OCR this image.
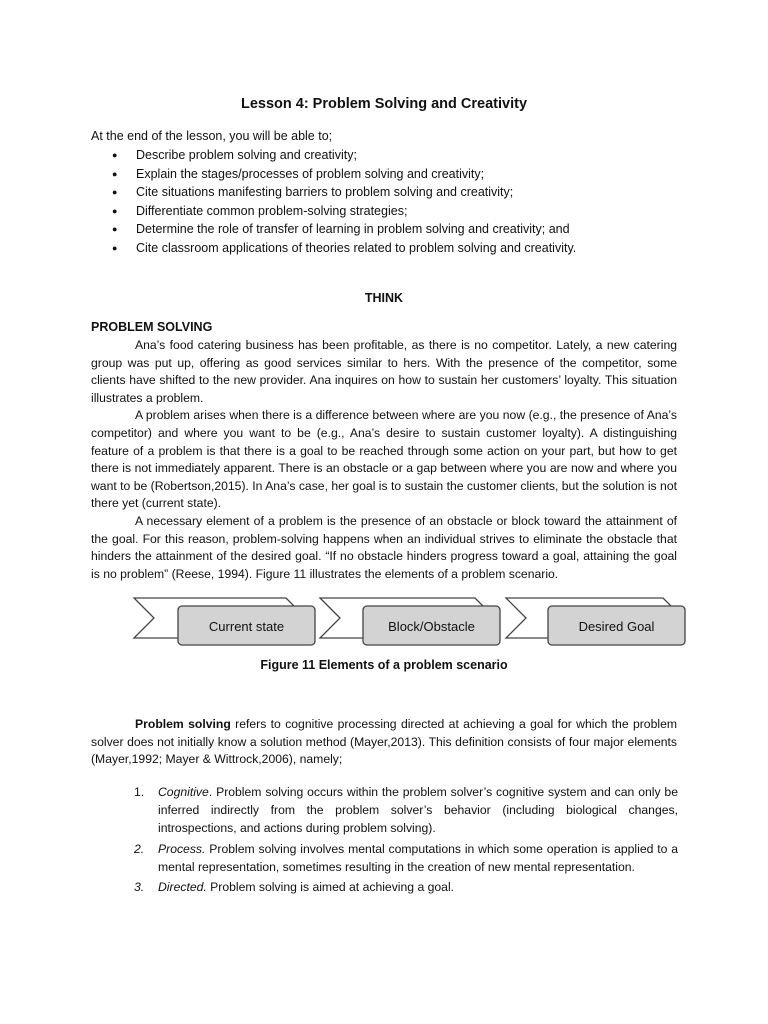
Lesson 4: Problem Solving and Creativity
At the end of the lesson, you will be able to;
● Describe problem solving and creativity;
● Explain the stages/processes of problem solving and creativity;
● Cite situations manifesting barriers to problem solving and creativity;
● Differentiate common problem-solving strategies;
● Determine the role of transfer of learning in problem solving and creativity; and
● Cite classroom applications of theories related to problem solving and creativity.
THINK
PROBLEM SOLVING

Ana’s food catering business has been profitable, as there is no competitor. Lately, a new catering group was put up, offering as good services similar to hers. With the presence of the competitor, some clients have shifted to the new provider. Ana inquires on how to sustain her customers’ loyalty. This situation illustrates a problem.

A problem arises when there is a difference between where are you now (e.g., the presence of Ana’s competitor) and where you want to be (e.g., Ana’s desire to sustain customer loyalty). A distinguishing feature of a problem is that there is a goal to be reached through some action on your part, but how to get there is not immediately apparent. There is an obstacle or a gap between where you are now and where you want to be (Robertson,2015). In Ana’s case, her goal is to sustain the customer clients, but the solution is not there yet (current state).

A necessary element of a problem is the presence of an obstacle or block toward the attainment of the goal. For this reason, problem-solving happens when an individual strives to eliminate the obstacle that hinders the attainment of the desired goal. “If no obstacle hinders progress toward a goal, attaining the goal is no problem” (Reese, 1994). Figure 11 illustrates the elements of a problem scenario.

Current state	Block/Obstacle	Desired Goal
Figure 11 Elements of a problem scenario

Problem solving refers to cognitive processing directed at achieving a goal for which the problem solver does not initially know a solution method (Mayer,2013). This definition consists of four major elements (Mayer,1992; Mayer & Wittrock,2006), namely;

1. Cognitive. Problem solving occurs within the problem solver’s cognitive system and can only be inferred indirectly from the problem solver’s behavior (including biological changes, introspections, and actions during problem solving).
2. Process. Problem solving involves mental computations in which some operation is applied to a mental representation, sometimes resulting in the creation of new mental representation.
3. Directed. Problem solving is aimed at achieving a goal.
